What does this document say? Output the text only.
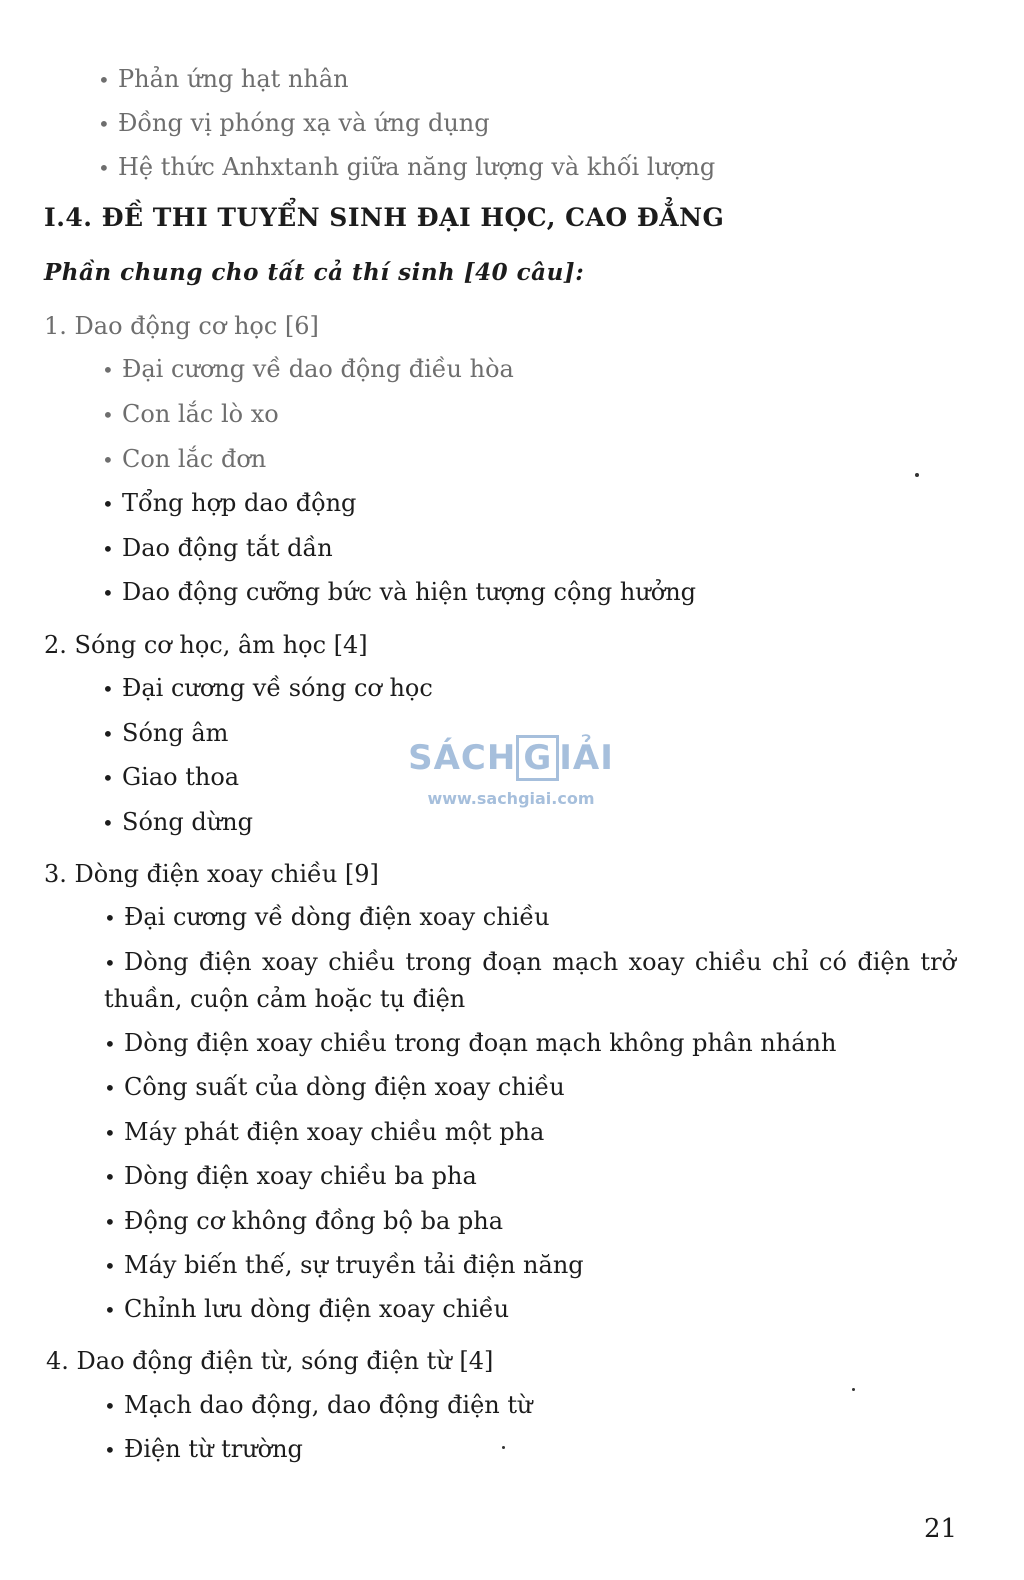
• Phản ứng hạt nhân
• Đồng vị phóng xạ và ứng dụng
• Hệ thức Anhxtanh giữa năng lượng và khối lượng
I.4. ĐỀ THI TUYỂN SINH ĐẠI HỌC, CAO ĐẲNG
Phần chung cho tất cả thí sinh [40 câu]:
1. Dao động cơ học [6]
• Đại cương về dao động điều hòa
• Con lắc lò xo
• Con lắc đơn
• Tổng hợp dao động
• Dao động tắt dần
• Dao động cưỡng bức và hiện tượng cộng hưởng
2. Sóng cơ học, âm học [4]
• Đại cương về sóng cơ học
• Sóng âm
• Giao thoa
• Sóng dừng
3. Dòng điện xoay chiều [9]
• Đại cương về dòng điện xoay chiều
• Dòng điện xoay chiều trong đoạn mạch xoay chiều chỉ có điện trở thuần, cuộn cảm hoặc tụ điện
• Dòng điện xoay chiều trong đoạn mạch không phân nhánh
• Công suất của dòng điện xoay chiều
• Máy phát điện xoay chiều một pha
• Dòng điện xoay chiều ba pha
• Động cơ không đồng bộ ba pha
• Máy biến thế, sự truyền tải điện năng
• Chỉnh lưu dòng điện xoay chiều
4. Dao động điện từ, sóng điện từ [4]
• Mạch dao động, dao động điện từ
• Điện từ trường
SÁCH G IẢI
www.sachgiai.com
21
